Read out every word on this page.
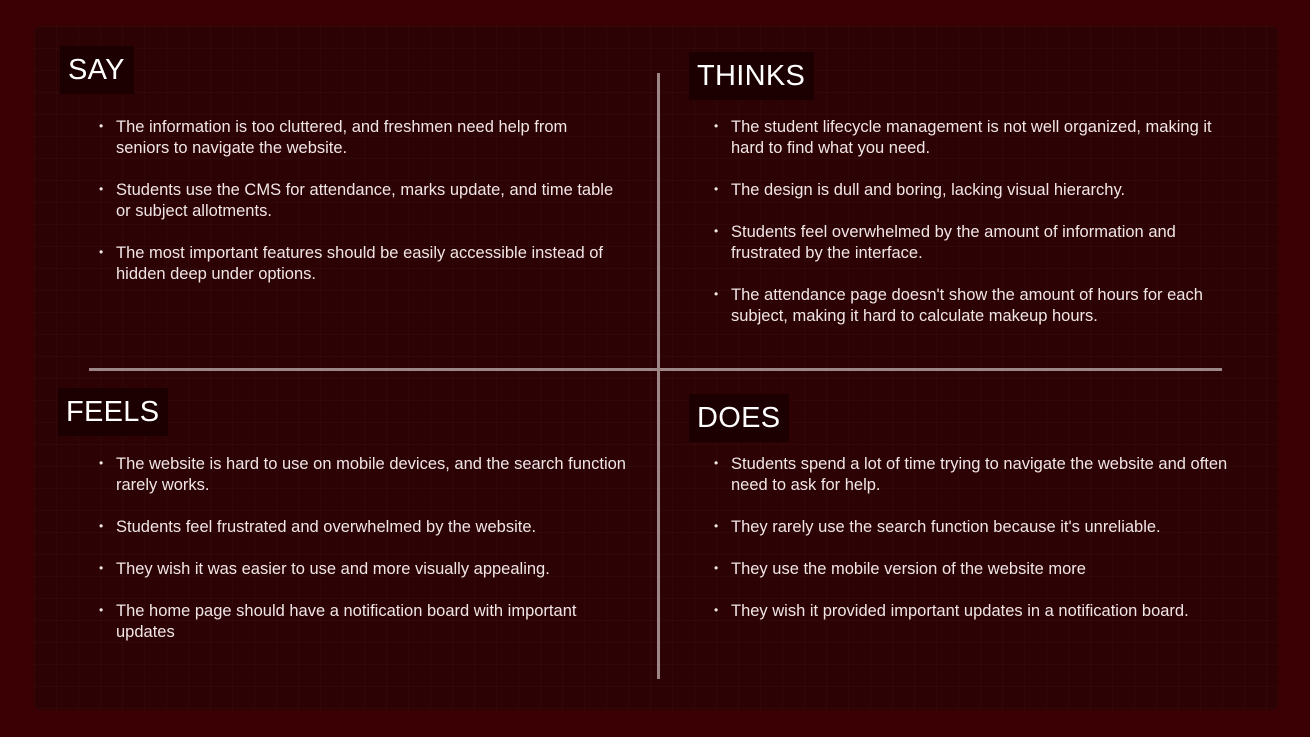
SAY
• The information is too cluttered, and freshmen need help from seniors to navigate the website.
• Students use the CMS for attendance, marks update, and time table or subject allotments.
• The most important features should be easily accessible instead of hidden deep under options.
THINKS
• The student lifecycle management is not well organized, making it hard to find what you need.
• The design is dull and boring, lacking visual hierarchy.
• Students feel overwhelmed by the amount of information and frustrated by the interface.
• The attendance page doesn't show the amount of hours for each subject, making it hard to calculate makeup hours.
FEELS
• The website is hard to use on mobile devices, and the search function rarely works.
• Students feel frustrated and overwhelmed by the website.
• They wish it was easier to use and more visually appealing.
• The home page should have a notification board with important updates
DOES
• Students spend a lot of time trying to navigate the website and often need to ask for help.
• They rarely use the search function because it's unreliable.
• They use the mobile version of the website more
• They wish it provided important updates in a notification board.
